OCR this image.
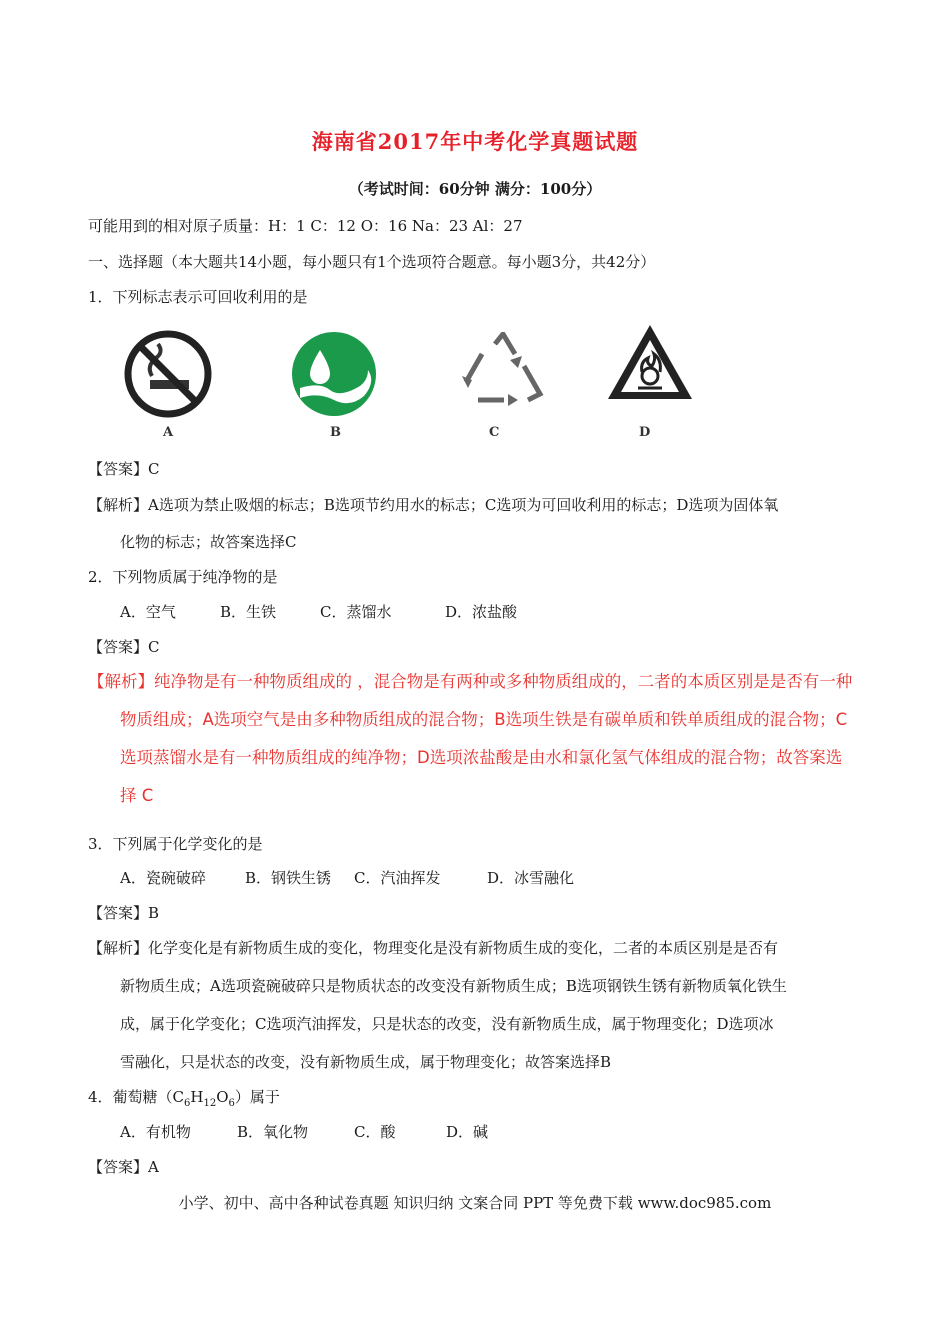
海南省2017年中考化学真题试题
（考试时间：60分钟 满分：100分）
可能用到的相对原子质量：H：1 C：12 O：16 Na：23 Al：27
一、选择题（本大题共14小题，每小题只有1个选项符合题意。每小题3分，共42分）
1．下列标志表示可回收利用的是
A	B	C	D
【答案】C
【解析】A选项为禁止吸烟的标志；B选项节约用水的标志；C选项为可回收利用的标志；D选项为固体氧
化物的标志；故答案选择C
2．下列物质属于纯净物的是
A．空气	B．生铁	C．蒸馏水	D．浓盐酸
【答案】C
【解析】纯净物是有一种物质组成的 ，混合物是有两种或多种物质组成的，二者的本质区别是是否有一种
物质组成；A选项空气是由多种物质组成的混合物；B选项生铁是有碳单质和铁单质组成的混合物；C
选项蒸馏水是有一种物质组成的纯净物；D选项浓盐酸是由水和氯化氢气体组成的混合物；故答案选
择 C
3．下列属于化学变化的是
A．瓷碗破碎	B．钢铁生锈 C．汽油挥发	D．冰雪融化
【答案】B
【解析】化学变化是有新物质生成的变化，物理变化是没有新物质生成的变化，二者的本质区别是是否有
新物质生成；A选项瓷碗破碎只是物质状态的改变没有新物质生成；B选项钢铁生锈有新物质氧化铁生
成，属于化学变化；C选项汽油挥发，只是状态的改变，没有新物质生成，属于物理变化；D选项冰
雪融化，只是状态的改变，没有新物质生成，属于物理变化；故答案选择B
4．葡萄糖$(C_6H_{12}O_6)$属于
A．有机物	B．氧化物	C．酸	D．碱
【答案】A
小学、初中、高中各种试卷真题 知识归纳 文案合同 PPT 等免费下载 www.doc985.com
